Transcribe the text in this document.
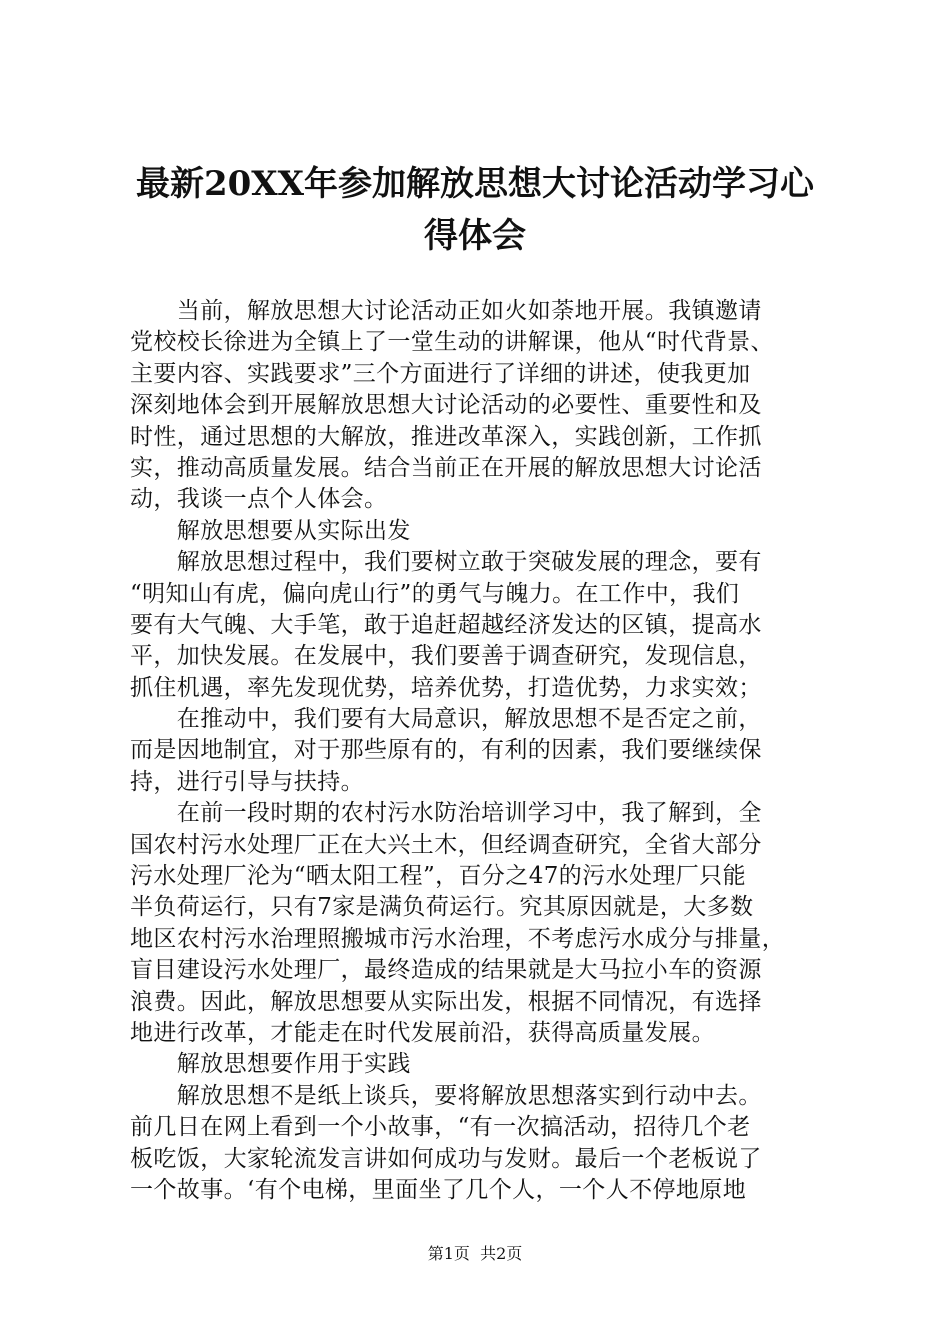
最新20XX年参加解放思想大讨论活动学习心
得体会
　　当前，解放思想大讨论活动正如火如荼地开展。我镇邀请
党校校长徐进为全镇上了一堂生动的讲解课，他从“时代背景、
主要内容、实践要求”三个方面进行了详细的讲述，使我更加
深刻地体会到开展解放思想大讨论活动的必要性、重要性和及
时性，通过思想的大解放，推进改革深入，实践创新，工作抓
实，推动高质量发展。结合当前正在开展的解放思想大讨论活
动，我谈一点个人体会。
　　解放思想要从实际出发
　　解放思想过程中，我们要树立敢于突破发展的理念，要有
“明知山有虎，偏向虎山行”的勇气与魄力。在工作中，我们
要有大气魄、大手笔，敢于追赶超越经济发达的区镇，提高水
平，加快发展。在发展中，我们要善于调查研究，发现信息，
抓住机遇，率先发现优势，培养优势，打造优势，力求实效；
　　在推动中，我们要有大局意识，解放思想不是否定之前，
而是因地制宜，对于那些原有的，有利的因素，我们要继续保
持，进行引导与扶持。
　　在前一段时期的农村污水防治培训学习中，我了解到，全
国农村污水处理厂正在大兴土木，但经调查研究，全省大部分
污水处理厂沦为“晒太阳工程”，百分之47的污水处理厂只能
半负荷运行，只有7家是满负荷运行。究其原因就是，大多数
地区农村污水治理照搬城市污水治理，不考虑污水成分与排量，
盲目建设污水处理厂，最终造成的结果就是大马拉小车的资源
浪费。因此，解放思想要从实际出发，根据不同情况，有选择
地进行改革，才能走在时代发展前沿，获得高质量发展。
　　解放思想要作用于实践
　　解放思想不是纸上谈兵，要将解放思想落实到行动中去。
前几日在网上看到一个小故事，“有一次搞活动，招待几个老
板吃饭，大家轮流发言讲如何成功与发财。最后一个老板说了
一个故事。‘有个电梯，里面坐了几个人，一个人不停地原地
第1页  共2页
